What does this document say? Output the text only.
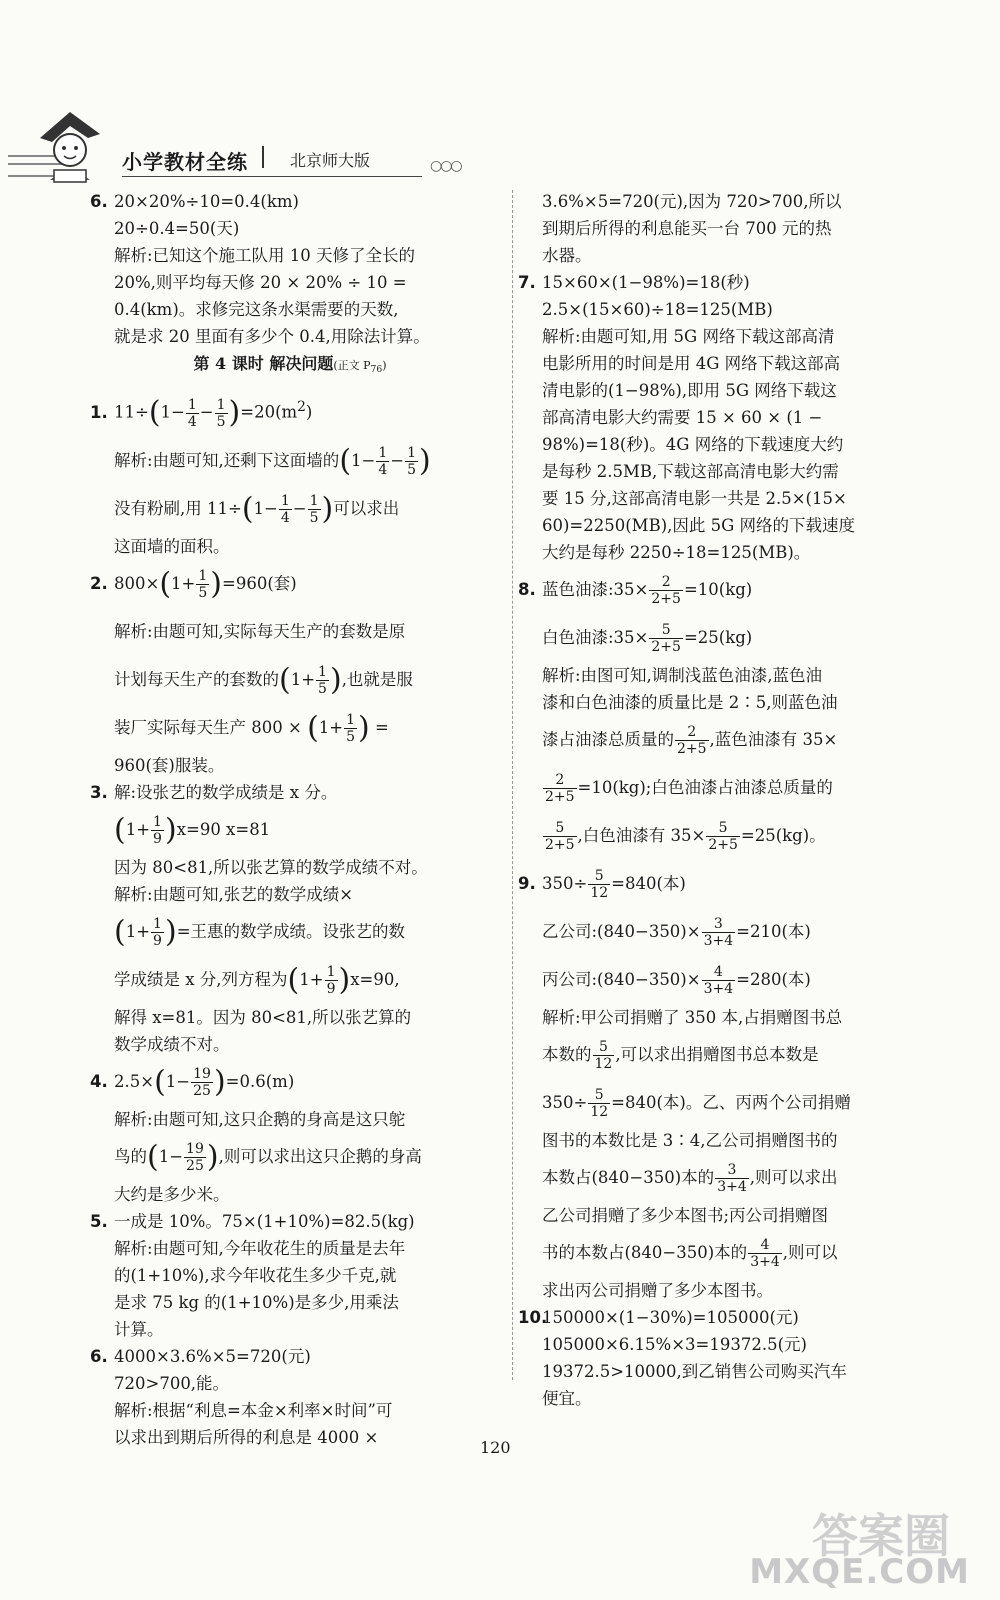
小学教材全练	北京师大版	○○○
6. 20×20%÷10=0.4(km)
20÷0.4=50(天)
解析:已知这个施工队用 10 天修了全长的
20%,则平均每天修 20 × 20% ÷ 10 =
0.4(km)。求修完这条水渠需要的天数,
就是求 20 里面有多少个 0.4,用除法计算。
第 4 课时 解决问题(正文 $P_{76}$)
1. $11\div(1- \frac{1}{4} - \frac{1}{5} )=20(m^2)$
解析:由题可知,还剩下这面墙的($1- \frac{1}{4} - \frac{1}{5}$ )
没有粉刷,用 $11\div(1- \frac{1}{4} - \frac{1}{5}$ )可以求出
这面墙的面积。
2. $800\times(1+ \frac{1}{5} )=960$(套)
解析:由题可知,实际每天生产的套数是原
计划每天生产的套数的($1+ \frac{1}{5}$ ),也就是服
装厂实际每天生产 $800 \times (1+ \frac{1}{5}$ ) =
960(套)服装。
3. 解:设张艺的数学成绩是 x 分。
$(1+ \frac{1}{9} )x=90$ x=81
因为 80<81,所以张艺算的数学成绩不对。
解析:由题可知,张艺的数学成绩×
($1+ \frac{1}{9}$ )=王惠的数学成绩。设张艺的数
学成绩是 x 分,列方程为$(1+ \frac{1}{9} )x=90$,
解得 x=81。因为 80<81,所以张艺算的
数学成绩不对。
4. $2.5\times(1- \frac{19}{25} )=0.6(m)$
解析:由题可知,这只企鹅的身高是这只鸵
鸟的($1- \frac{19}{25}$ ),则可以求出这只企鹅的身高
大约是多少米。
5. 一成是 10%。75×(1+10%)=82.5(kg)
解析:由题可知,今年收花生的质量是去年
的(1+10%),求今年收花生多少千克,就
是求 75 kg 的(1+10%)是多少,用乘法
计算。
6. 4000×3.6%×5=720(元)
720>700,能。
解析:根据“利息=本金×利率×时间”可
以求出到期后所得的利息是 4000 ×
3.6%×5=720(元),因为 720>700,所以
到期后所得的利息能买一台 700 元的热
水器。
7. 15×60×(1−98%)=18(秒)
2.5×(15×60)÷18=125(MB)
解析:由题可知,用 5G 网络下载这部高清
电影所用的时间是用 4G 网络下载这部高
清电影的(1−98%),即用 5G 网络下载这
部高清电影大约需要 15 × 60 × (1 −
98%)=18(秒)。4G 网络的下载速度大约
是每秒 2.5MB,下载这部高清电影大约需
要 15 分,这部高清电影一共是 2.5×(15×
60)=2250(MB),因此 5G 网络的下载速度
大约是每秒 2250÷18=125(MB)。
8. 蓝色油漆:35× $\frac{2}{2+5} =10(kg)$
白色油漆:35× $\frac{5}{2+5} =25(kg)$
解析:由图可知,调制浅蓝色油漆,蓝色油
漆和白色油漆的质量比是 2∶5,则蓝色油
漆占油漆总质量的 $\frac{2}{2+5}$ ,蓝色油漆有 35×
$\frac{2}{2+5} =10(kg)$;白色油漆占油漆总质量的
$\frac{5}{2+5}$ ,白色油漆有 $35\times \frac{5}{2+5} =25(kg)$。
9. $350\div \frac{5}{12} =840$(本)
乙公司:(840−350)× $\frac{3}{3+4} =210$(本)
丙公司:(840−350)× $\frac{4}{3+4} =280$(本)
解析:甲公司捐赠了 350 本,占捐赠图书总
本数的 $\frac{5}{12}$ ,可以求出捐赠图书总本数是
$350\div \frac{5}{12} =840$(本)。乙、丙两个公司捐赠
图书的本数比是 3∶4,乙公司捐赠图书的
本数占(840−350)本的 $\frac{3}{3+4}$ ,则可以求出
乙公司捐赠了多少本图书;丙公司捐赠图
书的本数占(840−350)本的 $\frac{4}{3+4}$ ,则可以
求出丙公司捐赠了多少本图书。
10.150000×(1−30%)=105000(元)
105000×6.15%×3=19372.5(元)
19372.5>10000,到乙销售公司购买汽车
便宜。
120
答案圈
MXQE.COM
